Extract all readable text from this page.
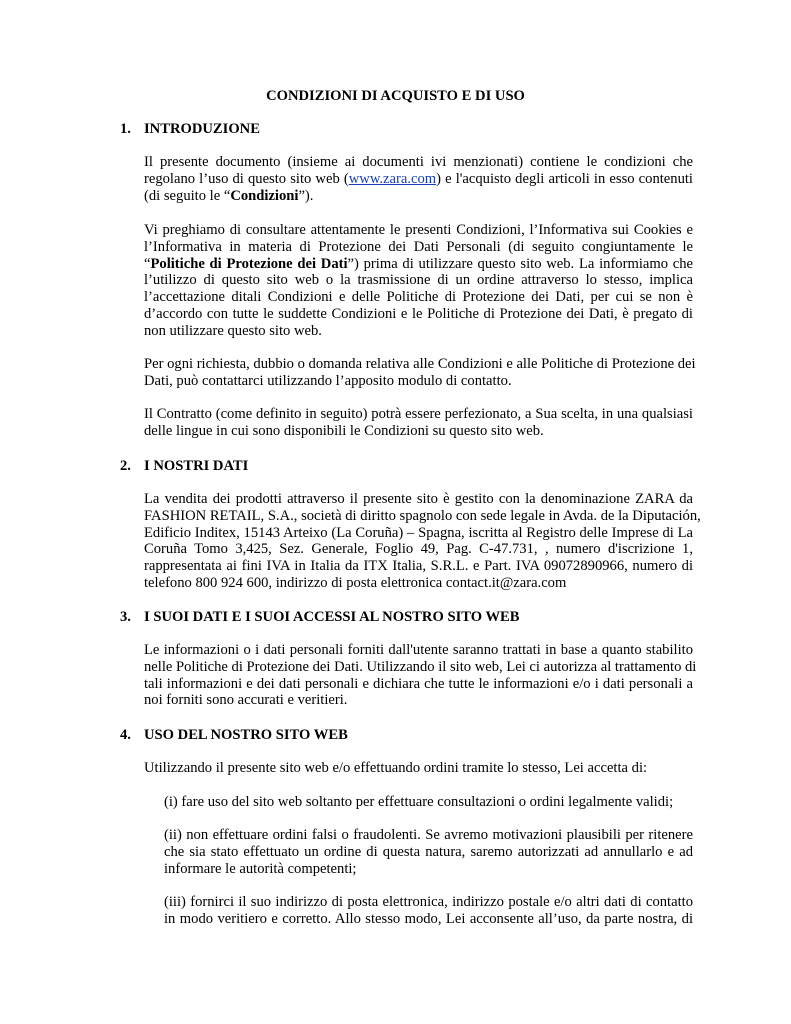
CONDIZIONI DI ACQUISTO E DI USO
1. INTRODUZIONE
Il presente documento (insieme ai documenti ivi menzionati) contiene le condizioni che
regolano l’uso di questo sito web (www.zara.com) e l'acquisto degli articoli in esso contenuti
(di seguito le “Condizioni”).
Vi preghiamo di consultare attentamente le presenti Condizioni, l’Informativa sui Cookies e
l’Informativa in materia di Protezione dei Dati Personali (di seguito congiuntamente le
“Politiche di Protezione dei Dati”) prima di utilizzare questo sito web. La informiamo che
l’utilizzo di questo sito web o la trasmissione di un ordine attraverso lo stesso, implica
l’accettazione ditali Condizioni e delle Politiche di Protezione dei Dati, per cui se non è
d’accordo con tutte le suddette Condizioni e le Politiche di Protezione dei Dati, è pregato di
non utilizzare questo sito web.
Per ogni richiesta, dubbio o domanda relativa alle Condizioni e alle Politiche di Protezione dei
Dati, può contattarci utilizzando l’apposito modulo di contatto.
Il Contratto (come definito in seguito) potrà essere perfezionato, a Sua scelta, in una qualsiasi
delle lingue in cui sono disponibili le Condizioni su questo sito web.
2. I NOSTRI DATI
La vendita dei prodotti attraverso il presente sito è gestito con la denominazione ZARA da
FASHION RETAIL, S.A., società di diritto spagnolo con sede legale in Avda. de la Diputación,
Edificio Inditex, 15143 Arteixo (La Coruña) – Spagna, iscritta al Registro delle Imprese di La
Coruña Tomo 3,425, Sez. Generale, Foglio 49, Pag. C-47.731, , numero d'iscrizione 1,
rappresentata ai fini IVA in Italia da ITX Italia, S.R.L. e Part. IVA 09072890966, numero di
telefono 800 924 600, indirizzo di posta elettronica contact.it@zara.com
3. I SUOI DATI E I SUOI ACCESSI AL NOSTRO SITO WEB
Le informazioni o i dati personali forniti dall'utente saranno trattati in base a quanto stabilito
nelle Politiche di Protezione dei Dati. Utilizzando il sito web, Lei ci autorizza al trattamento di
tali informazioni e dei dati personali e dichiara che tutte le informazioni e/o i dati personali a
noi forniti sono accurati e veritieri.
4. USO DEL NOSTRO SITO WEB
Utilizzando il presente sito web e/o effettuando ordini tramite lo stesso, Lei accetta di:
(i) fare uso del sito web soltanto per effettuare consultazioni o ordini legalmente validi;
(ii) non effettuare ordini falsi o fraudolenti. Se avremo motivazioni plausibili per ritenere
che sia stato effettuato un ordine di questa natura, saremo autorizzati ad annullarlo e ad
informare le autorità competenti;
(iii) fornirci il suo indirizzo di posta elettronica, indirizzo postale e/o altri dati di contatto
in modo veritiero e corretto. Allo stesso modo, Lei acconsente all’uso, da parte nostra, di
